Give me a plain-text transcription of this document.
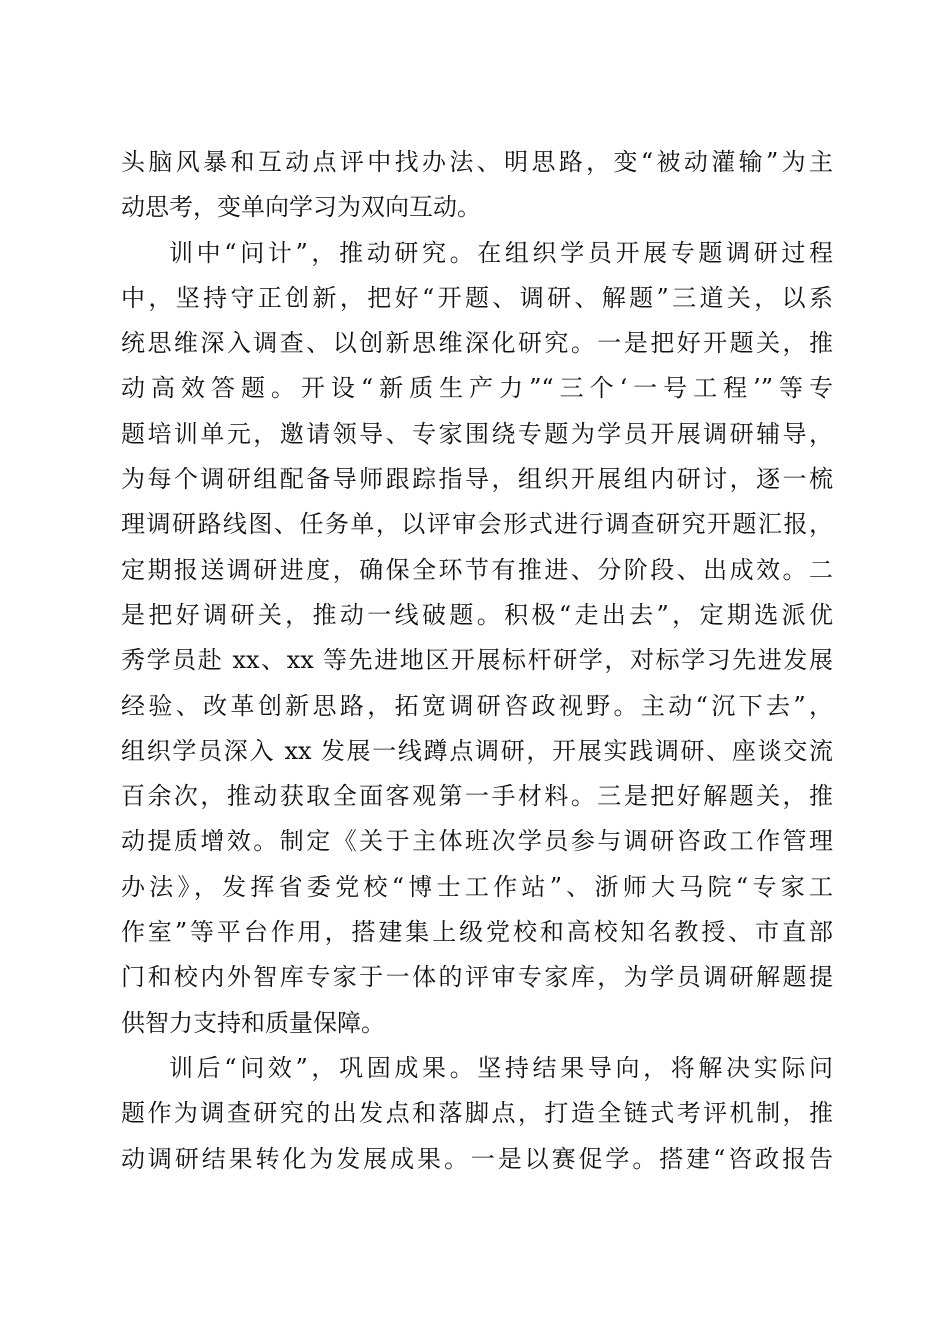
头脑风暴和互动点评中找办法、明思路，变“被动灌输”为主
动思考，变单向学习为双向互动。
训中“问计”，推动研究。在组织学员开展专题调研过程
中，坚持守正创新，把好“开题、调研、解题”三道关，以系
统思维深入调查、以创新思维深化研究。一是把好开题关，推
动高效答题。开设“新质生产力”“三个‘一号工程’”等专
题培训单元，邀请领导、专家围绕专题为学员开展调研辅导，
为每个调研组配备导师跟踪指导，组织开展组内研讨，逐一梳
理调研路线图、任务单，以评审会形式进行调查研究开题汇报，
定期报送调研进度，确保全环节有推进、分阶段、出成效。二
是把好调研关，推动一线破题。积极“走出去”，定期选派优
秀学员赴 xx、xx 等先进地区开展标杆研学，对标学习先进发展
经验、改革创新思路，拓宽调研咨政视野。主动“沉下去”，
组织学员深入 xx 发展一线蹲点调研，开展实践调研、座谈交流
百余次，推动获取全面客观第一手材料。三是把好解题关，推
动提质增效。制定《关于主体班次学员参与调研咨政工作管理
办法》，发挥省委党校“博士工作站”、浙师大马院“专家工
作室”等平台作用，搭建集上级党校和高校知名教授、市直部
门和校内外智库专家于一体的评审专家库，为学员调研解题提
供智力支持和质量保障。
训后“问效”，巩固成果。坚持结果导向，将解决实际问
题作为调查研究的出发点和落脚点，打造全链式考评机制，推
动调研结果转化为发展成果。一是以赛促学。搭建“咨政报告
